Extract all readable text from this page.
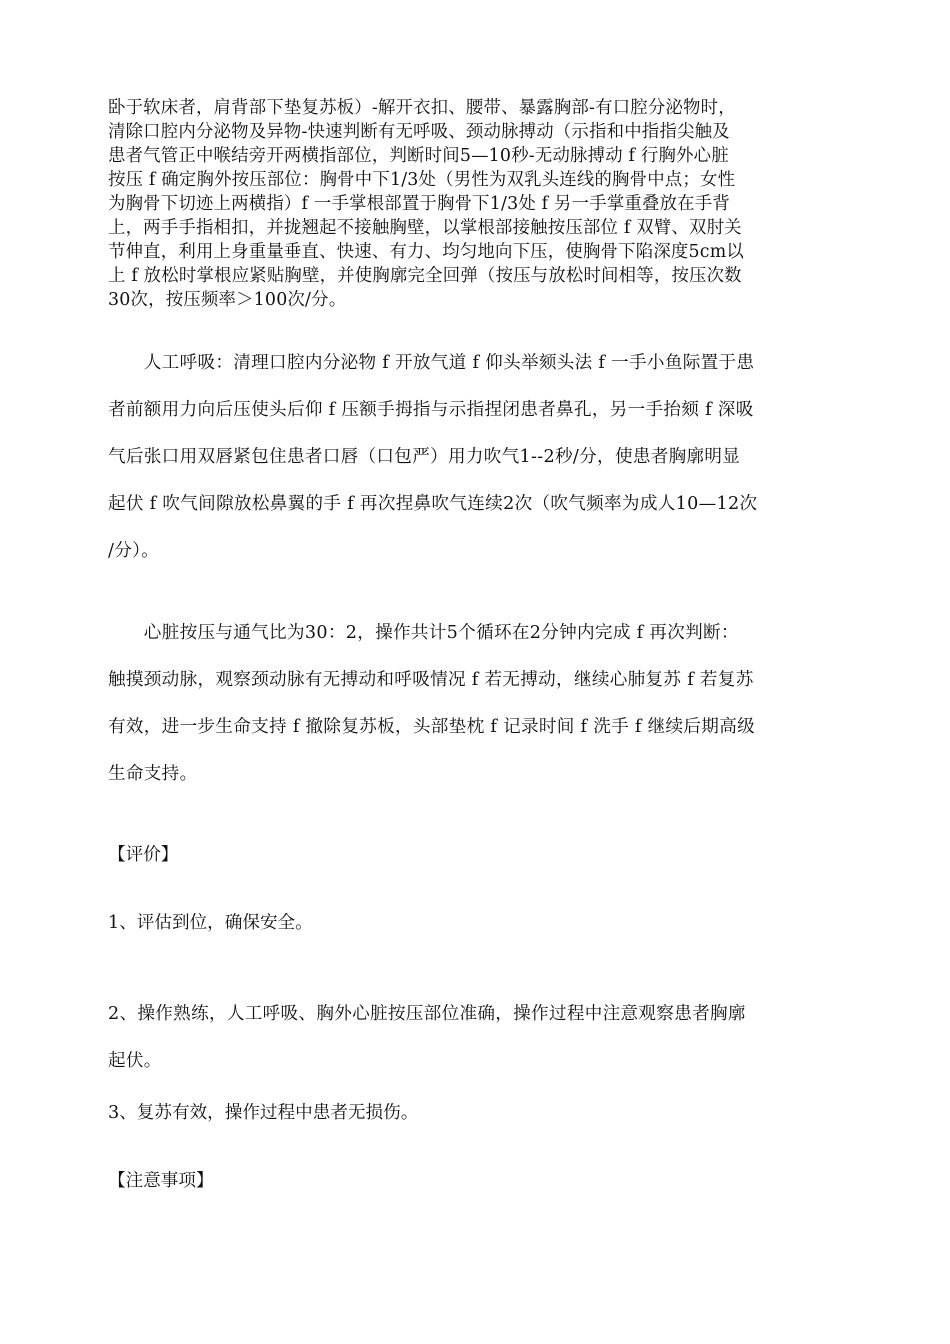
卧于软床者，肩背部下垫复苏板）-解开衣扣、腰带、暴露胸部-有口腔分泌物时，
清除口腔内分泌物及异物-快速判断有无呼吸、颈动脉搏动（示指和中指指尖触及
患者气管正中喉结旁开两横指部位，判断时间5—10秒-无动脉搏动 f 行胸外心脏
按压 f 确定胸外按压部位：胸骨中下1/3处（男性为双乳头连线的胸骨中点；女性
为胸骨下切迹上两横指）f 一手掌根部置于胸骨下1/3处 f 另一手掌重叠放在手背
上，两手手指相扣，并拢翘起不接触胸壁，以掌根部接触按压部位 f 双臂、双肘关
节伸直，利用上身重量垂直、快速、有力、均匀地向下压，使胸骨下陷深度5cm以
上 f 放松时掌根应紧贴胸壁，并使胸廓完全回弹（按压与放松时间相等，按压次数
30次，按压频率＞100次/分。

　　人工呼吸：清理口腔内分泌物 f 开放气道 f 仰头举颏头法 f 一手小鱼际置于患
者前额用力向后压使头后仰 f 压额手拇指与示指捏闭患者鼻孔，另一手抬颏 f 深吸
气后张口用双唇紧包住患者口唇（口包严）用力吹气1--2秒/分，使患者胸廓明显
起伏 f 吹气间隙放松鼻翼的手 f 再次捏鼻吹气连续2次（吹气频率为成人10—12次
/分）。

　　心脏按压与通气比为30：2，操作共计5个循环在2分钟内完成 f 再次判断：
触摸颈动脉，观察颈动脉有无搏动和呼吸情况 f 若无搏动，继续心肺复苏 f 若复苏
有效，进一步生命支持 f 撤除复苏板，头部垫枕 f 记录时间 f 洗手 f 继续后期高级
生命支持。

【评价】

1、评估到位，确保安全。

2、操作熟练，人工呼吸、胸外心脏按压部位准确，操作过程中注意观察患者胸廓
起伏。

3、复苏有效，操作过程中患者无损伤。

【注意事项】
